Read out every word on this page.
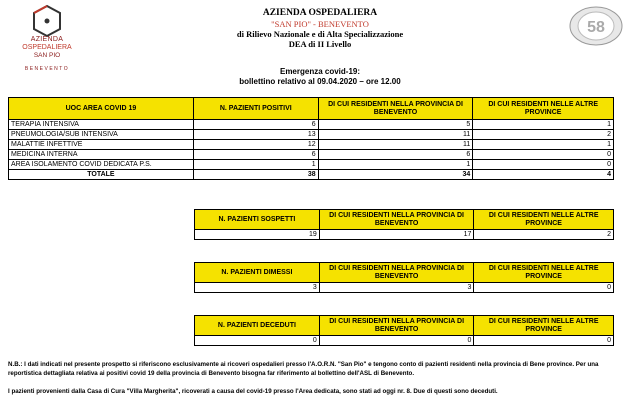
AZIENDA
OSPEDALIERA
SAN PIO
BENEVENTO
AZIENDA OSPEDALIERA
"SAN PIO" - BENEVENTO
di Rilievo Nazionale e di Alta Specializzazione
DEA di II Livello
Emergenza covid-19:
bollettino relativo al 09.04.2020 – ore 12.00
58
UOC AREA COVID 19	N. PAZIENTI POSITIVI	DI CUI RESIDENTI NELLA PROVINCIA DI BENEVENTO	DI CUI RESIDENTI NELLE ALTRE PROVINCE
TERAPIA INTENSIVA	6	5	1
PNEUMOLOGIA/SUB INTENSIVA	13	11	2
MALATTIE INFETTIVE	12	11	1
MEDICINA INTERNA	6	6	0
AREA ISOLAMENTO COVID DEDICATA P.S.	1	1	0
TOTALE	38	34	4
N. PAZIENTI SOSPETTI	DI CUI RESIDENTI NELLA PROVINCIA DI BENEVENTO	DI CUI RESIDENTI NELLE ALTRE PROVINCE
19	17	2
N. PAZIENTI DIMESSI	DI CUI RESIDENTI NELLA PROVINCIA DI BENEVENTO	DI CUI RESIDENTI NELLE ALTRE PROVINCE
3	3	0
N. PAZIENTI DECEDUTI	DI CUI RESIDENTI NELLA PROVINCIA DI BENEVENTO	DI CUI RESIDENTI NELLE ALTRE PROVINCE
0	0	0
N.B.: I dati indicati nel presente prospetto si riferiscono esclusivamente ai ricoveri ospedalieri presso l'A.O.R.N. "San Pio" e tengono conto di pazienti residenti nella provincia di Bene province. Per una reportistica dettagliata relativa ai positivi covid 19 della provincia di Benevento bisogna far riferimento al bollettino dell'ASL di Benevento.
I pazienti provenienti dalla Casa di Cura "Villa Margherita", ricoverati a causa del covid-19 presso l'Area dedicata, sono stati ad oggi nr. 8. Due di questi sono deceduti.
